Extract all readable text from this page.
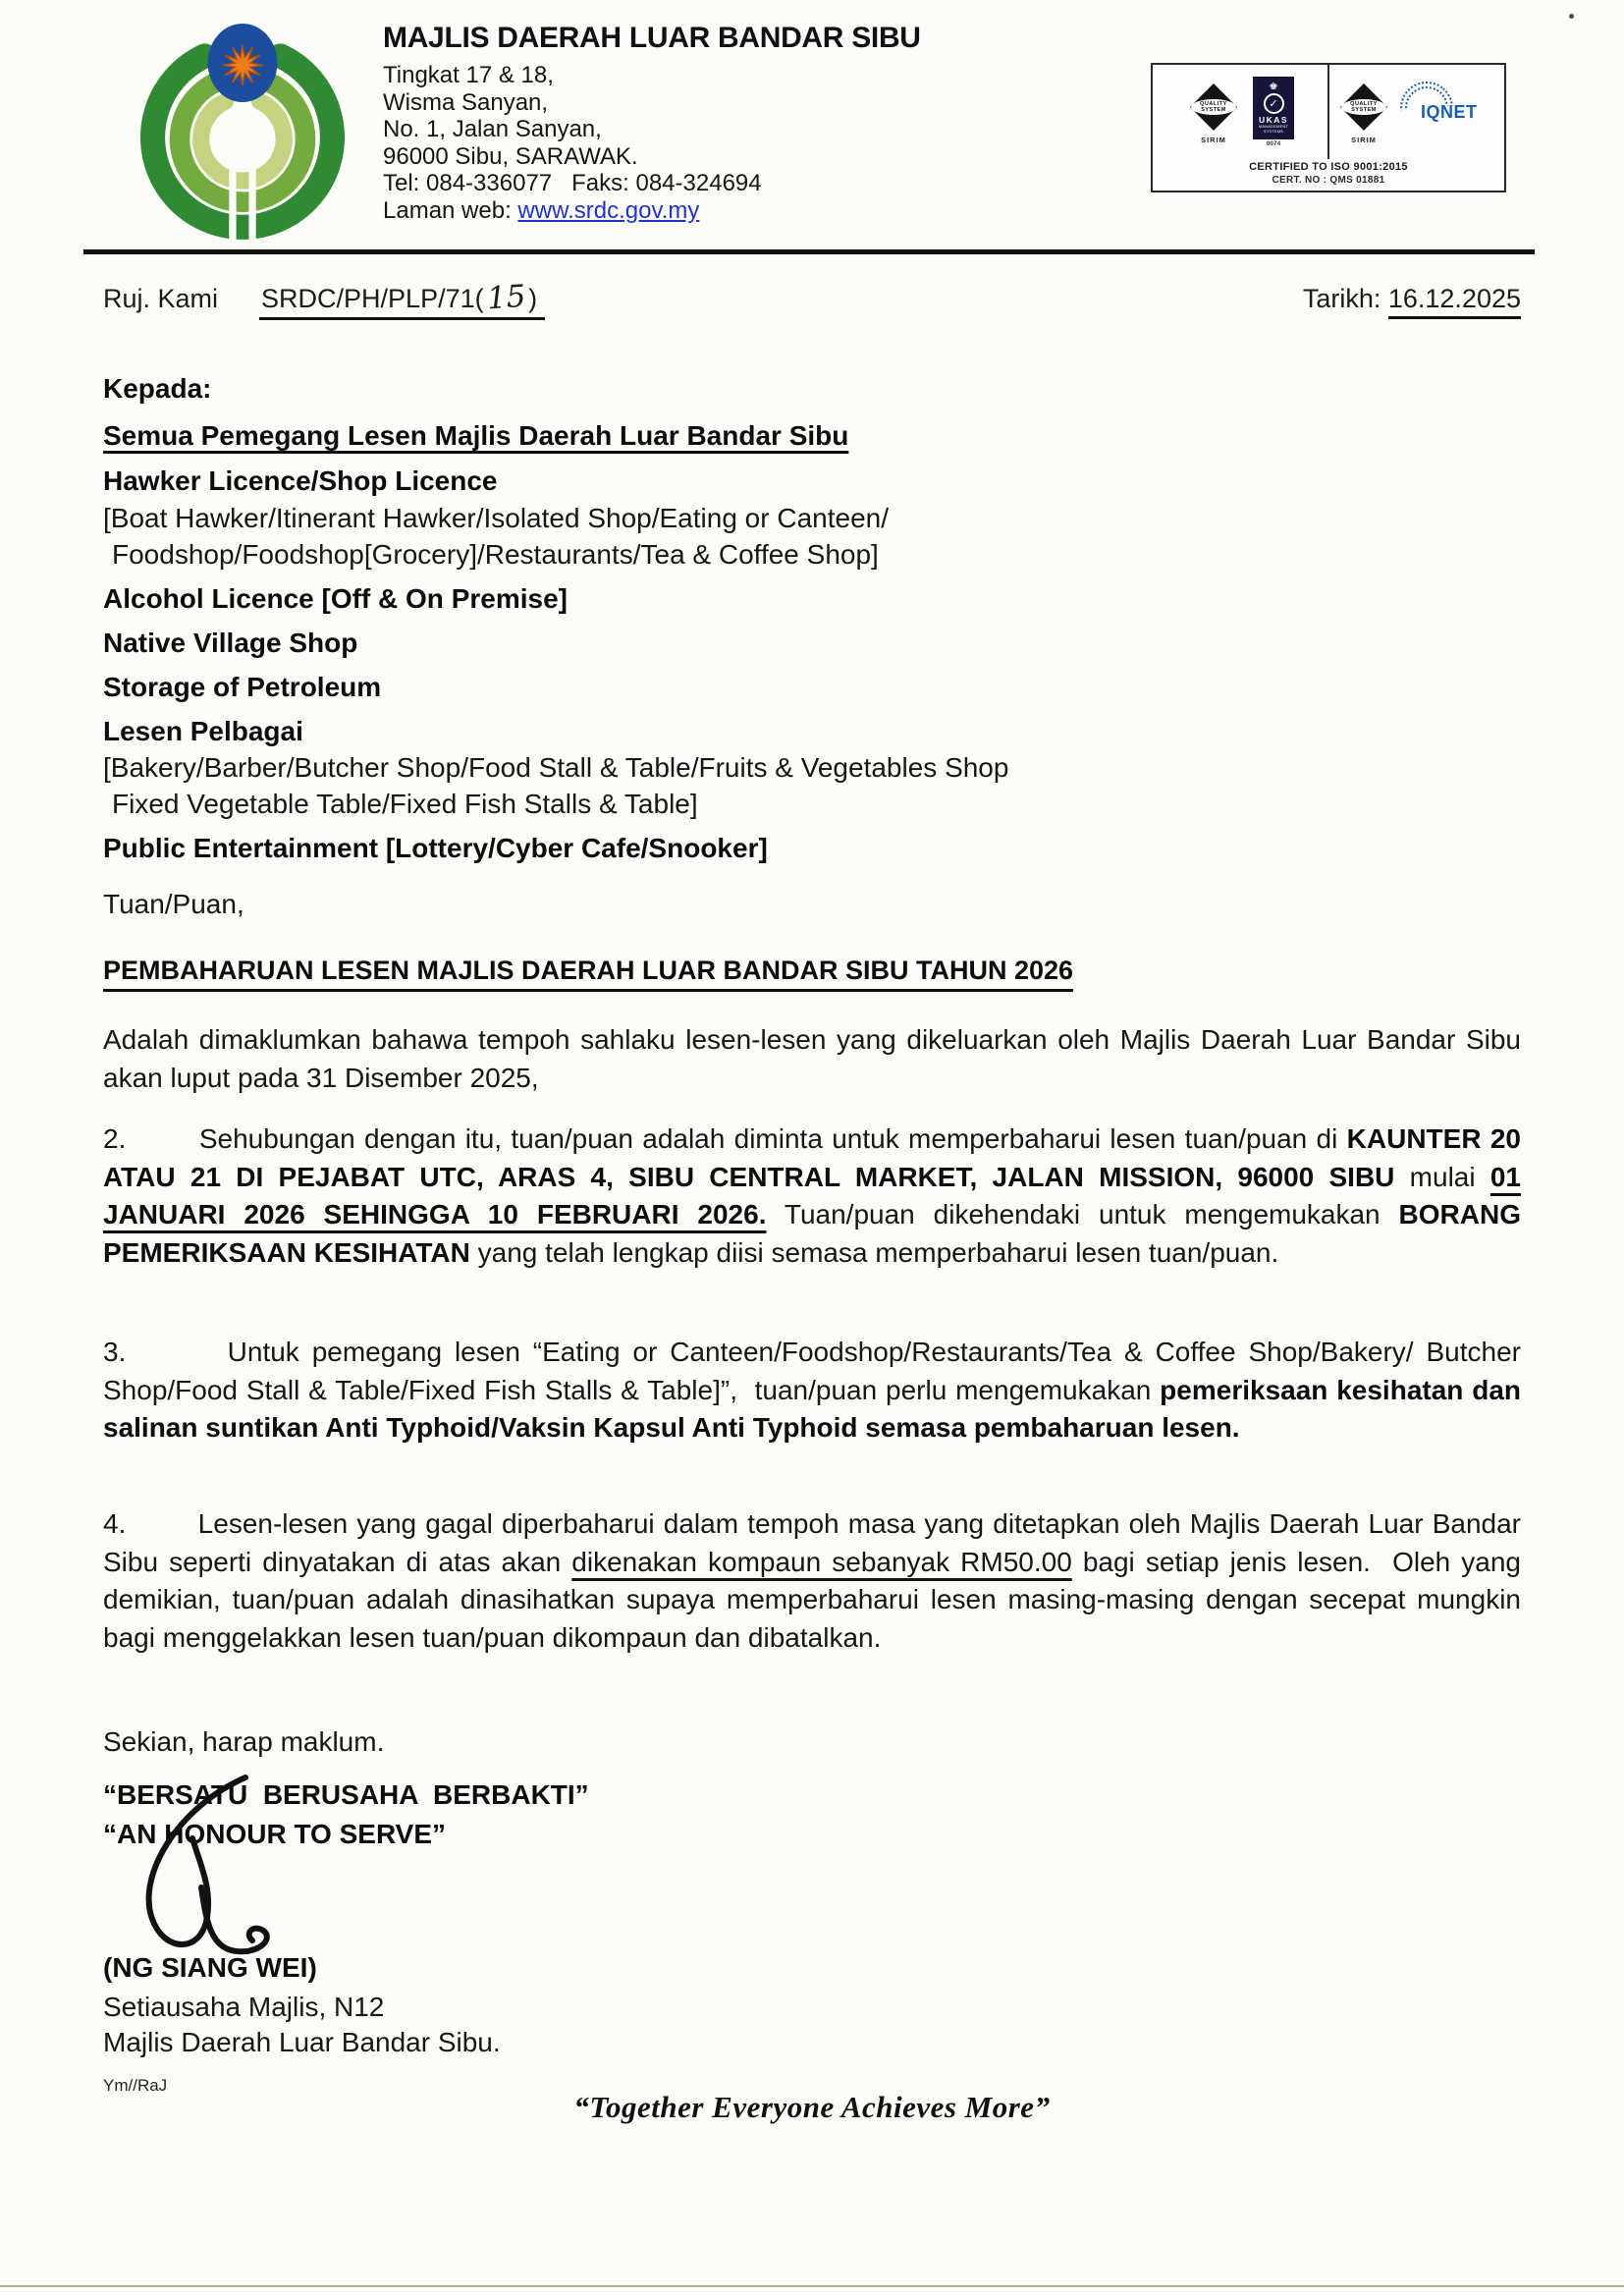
MAJLIS DAERAH LUAR BANDAR SIBU
Tingkat 17 & 18,
Wisma Sanyan,
No. 1, Jalan Sanyan,
96000 Sibu, SARAWAK.
Tel: 084-336077   Faks: 084-324694
Laman web: www.srdc.gov.my
QUALITY
SYSTEM
SIRIM
♚
✓
UKAS
MANAGEMENT
SYSTEMS
0074
QUALITY
SYSTEM
SIRIM
IQNET
CERTIFIED TO ISO 9001:2015
CERT. NO : QMS 01881
Ruj. Kami SRDC/PH/PLP/71(15)	Tarikh: 16.12.2025
Kepada:
Semua Pemegang Lesen Majlis Daerah Luar Bandar Sibu
Hawker Licence/Shop Licence
[Boat Hawker/Itinerant Hawker/Isolated Shop/Eating or Canteen/
Foodshop/Foodshop[Grocery]/Restaurants/Tea & Coffee Shop]
Alcohol Licence [Off & On Premise]
Native Village Shop
Storage of Petroleum
Lesen Pelbagai
[Bakery/Barber/Butcher Shop/Food Stall & Table/Fruits & Vegetables Shop
Fixed Vegetable Table/Fixed Fish Stalls & Table]
Public Entertainment [Lottery/Cyber Cafe/Snooker]
Tuan/Puan,
PEMBAHARUAN LESEN MAJLIS DAERAH LUAR BANDAR SIBU TAHUN 2026
Adalah dimaklumkan bahawa tempoh sahlaku lesen-lesen yang dikeluarkan oleh Majlis Daerah Luar Bandar Sibu akan luput pada 31 Disember 2025,
2.        Sehubungan dengan itu, tuan/puan adalah diminta untuk memperbaharui lesen tuan/puan di KAUNTER 20 ATAU 21 DI PEJABAT UTC, ARAS 4, SIBU CENTRAL MARKET, JALAN MISSION, 96000 SIBU mulai 01 JANUARI 2026 SEHINGGA 10 FEBRUARI 2026. Tuan/puan dikehendaki untuk mengemukakan BORANG PEMERIKSAAN KESIHATAN yang telah lengkap diisi semasa memperbaharui lesen tuan/puan.
3.        Untuk pemegang lesen “Eating or Canteen/Foodshop/Restaurants/Tea & Coffee Shop/Bakery/ Butcher Shop/Food Stall & Table/Fixed Fish Stalls & Table]”,  tuan/puan perlu mengemukakan pemeriksaan kesihatan dan salinan suntikan Anti Typhoid/Vaksin Kapsul Anti Typhoid semasa pembaharuan lesen.
4.        Lesen-lesen yang gagal diperbaharui dalam tempoh masa yang ditetapkan oleh Majlis Daerah Luar Bandar Sibu seperti dinyatakan di atas akan dikenakan kompaun sebanyak RM50.00 bagi setiap jenis lesen.  Oleh yang demikian, tuan/puan adalah dinasihatkan supaya memperbaharui lesen masing-masing dengan secepat mungkin bagi menggelakkan lesen tuan/puan dikompaun dan dibatalkan.
Sekian, harap maklum.
“BERSATU  BERUSAHA  BERBAKTI”
“AN HONOUR TO SERVE”
(NG SIANG WEI)
Setiausaha Majlis, N12
Majlis Daerah Luar Bandar Sibu.
Ym//RaJ
“Together Everyone Achieves More”
